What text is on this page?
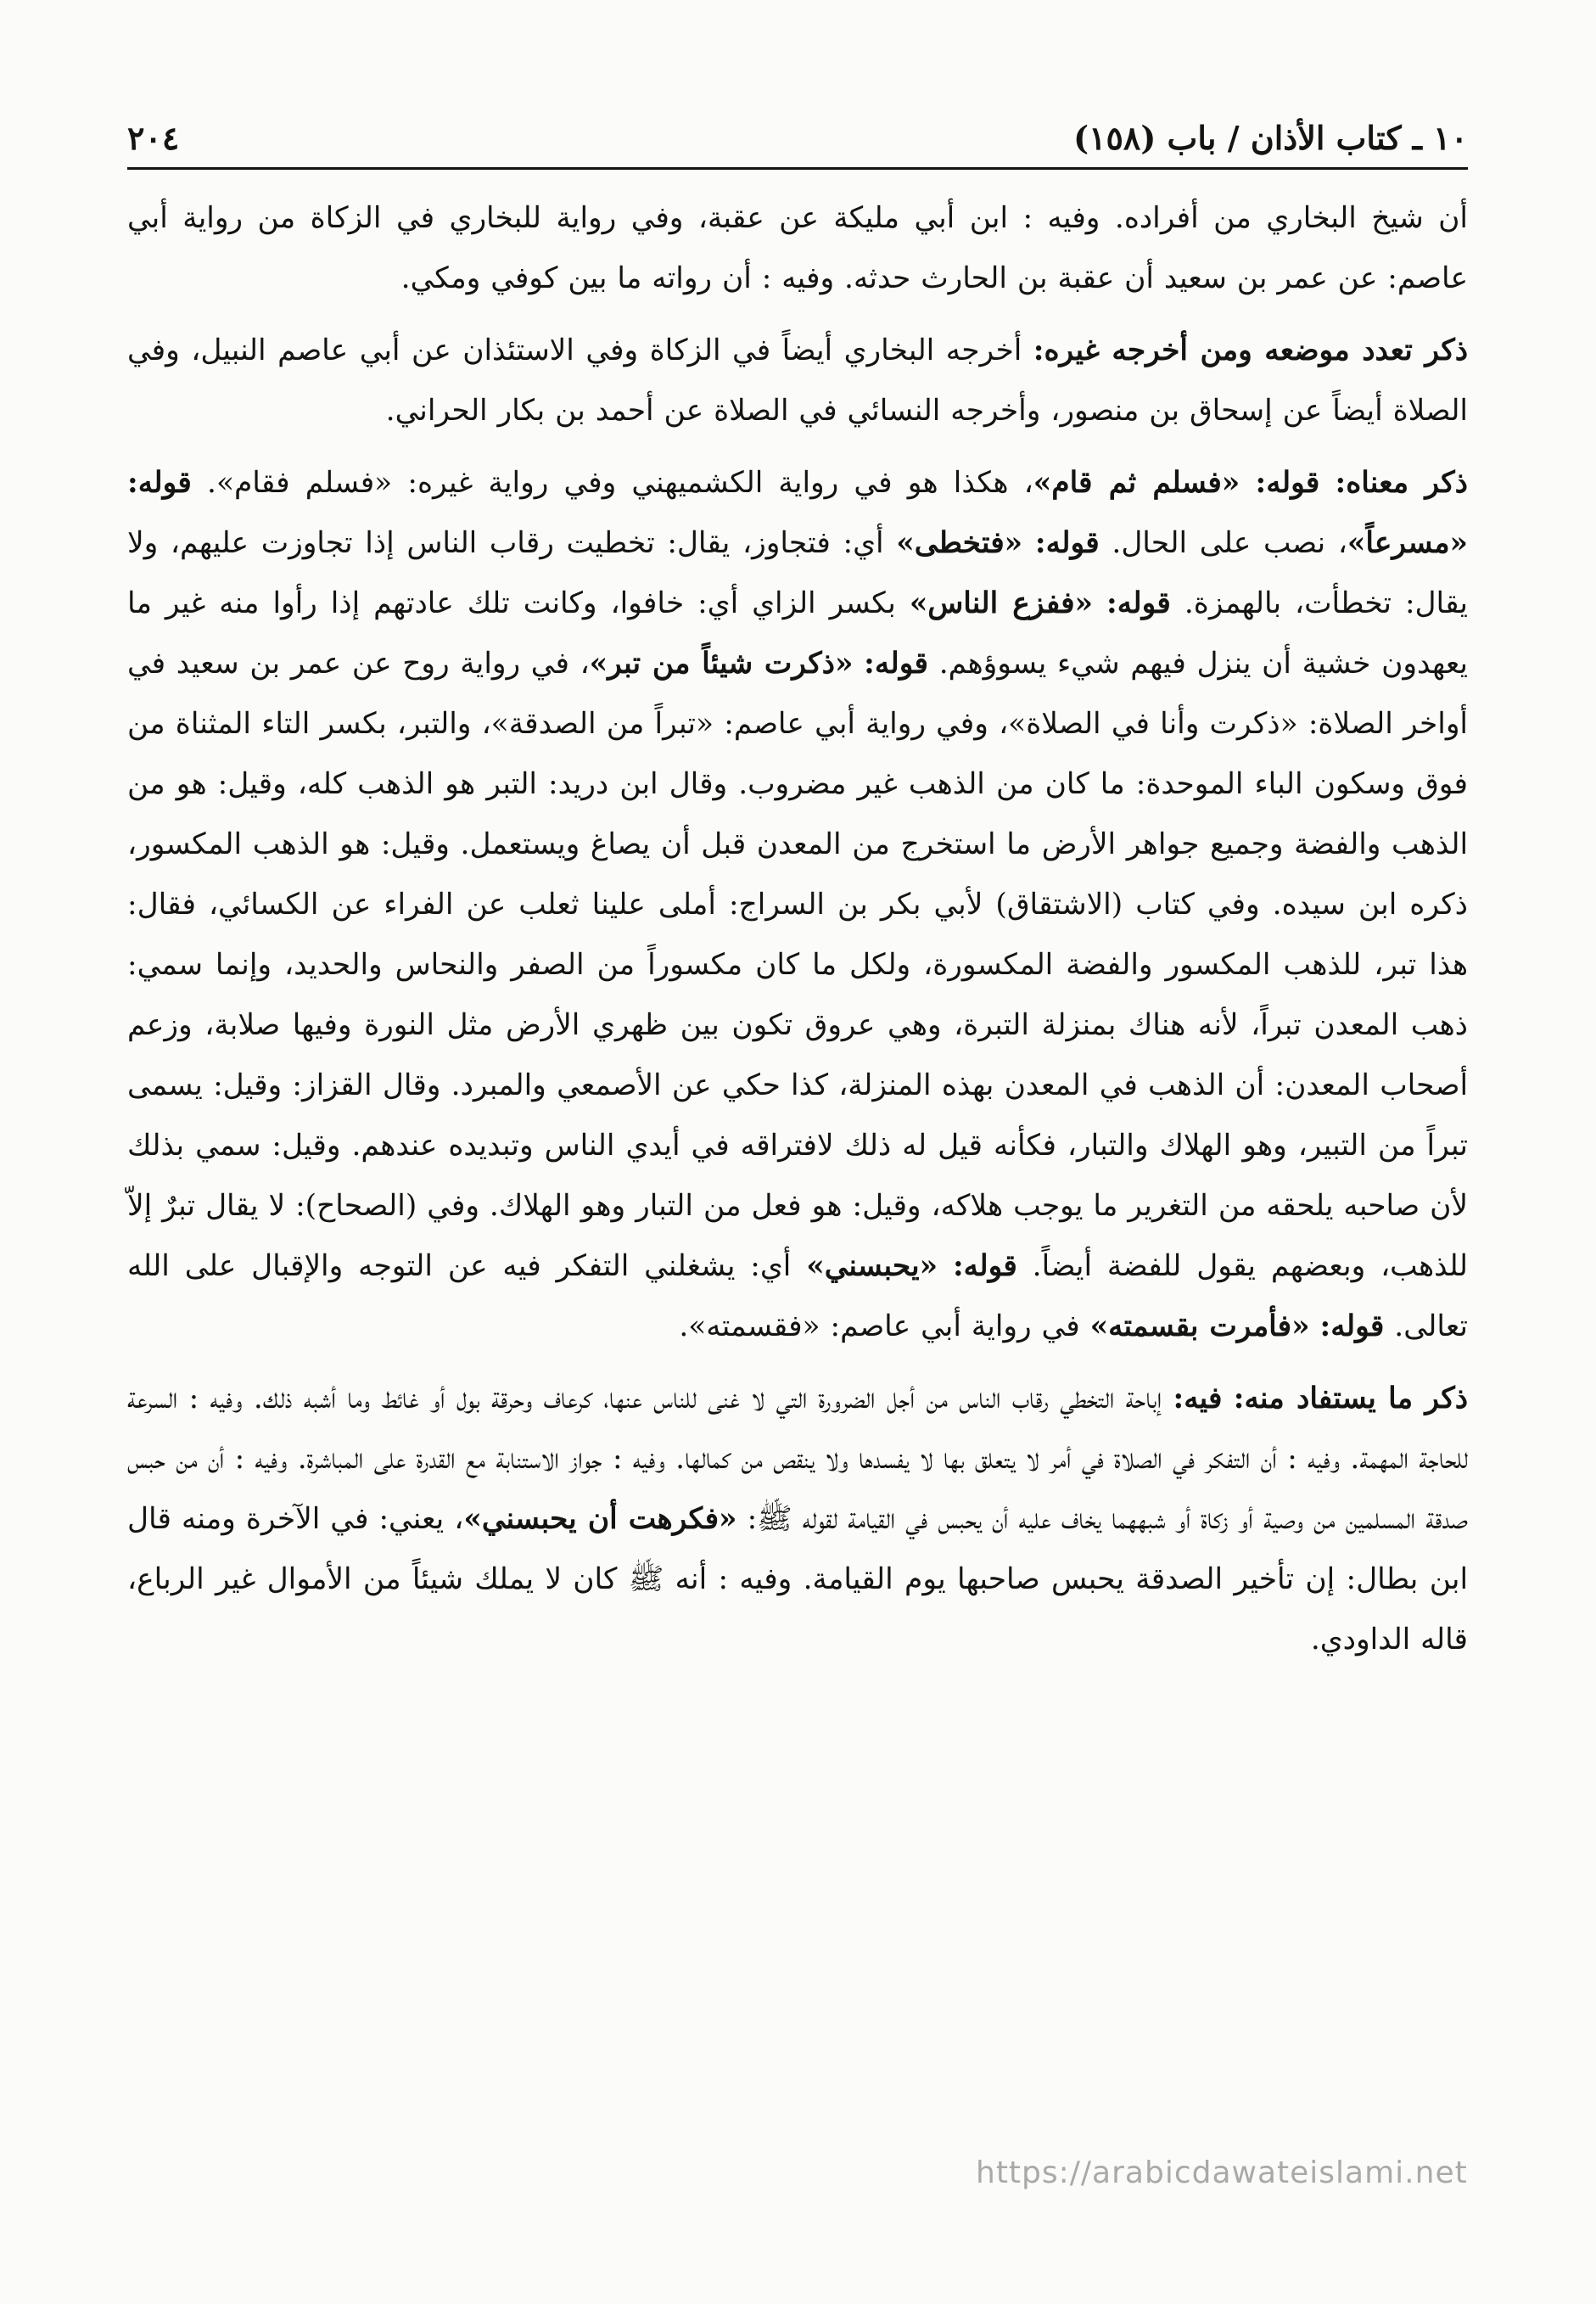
١٠ ـ كتاب الأذان / باب (١٥٨)
٢٠٤

أن شيخ البخاري من أفراده. وفيه : ابن أبي مليكة عن عقبة، وفي رواية للبخاري في الزكاة من رواية أبي عاصم: عن عمر بن سعيد أن عقبة بن الحارث حدثه. وفيه : أن رواته ما بين كوفي ومكي.

ذكر تعدد موضعه ومن أخرجه غيره: أخرجه البخاري أيضاً في الزكاة وفي الاستئذان عن أبي عاصم النبيل، وفي الصلاة أيضاً عن إسحاق بن منصور، وأخرجه النسائي في الصلاة عن أحمد بن بكار الحراني.

ذكر معناه: قوله: «فسلم ثم قام»، هكذا هو في رواية الكشميهني وفي رواية غيره: «فسلم فقام». قوله: «مسرعاً»، نصب على الحال. قوله: «فتخطى» أي: فتجاوز، يقال: تخطيت رقاب الناس إذا تجاوزت عليهم، ولا يقال: تخطأت، بالهمزة. قوله: «ففزع الناس» بكسر الزاي أي: خافوا، وكانت تلك عادتهم إذا رأوا منه غير ما يعهدون خشية أن ينزل فيهم شيء يسوؤهم. قوله: «ذكرت شيئاً من تبر»، في رواية روح عن عمر بن سعيد في أواخر الصلاة: «ذكرت وأنا في الصلاة»، وفي رواية أبي عاصم: «تبراً من الصدقة»، والتبر، بكسر التاء المثناة من فوق وسكون الباء الموحدة: ما كان من الذهب غير مضروب. وقال ابن دريد: التبر هو الذهب كله، وقيل: هو من الذهب والفضة وجميع جواهر الأرض ما استخرج من المعدن قبل أن يصاغ ويستعمل. وقيل: هو الذهب المكسور، ذكره ابن سيده. وفي كتاب (الاشتقاق) لأبي بكر بن السراج: أملى علينا ثعلب عن الفراء عن الكسائي، فقال: هذا تبر، للذهب المكسور والفضة المكسورة، ولكل ما كان مكسوراً من الصفر والنحاس والحديد، وإنما سمي: ذهب المعدن تبراً، لأنه هناك بمنزلة التبرة، وهي عروق تكون بين ظهري الأرض مثل النورة وفيها صلابة، وزعم أصحاب المعدن: أن الذهب في المعدن بهذه المنزلة، كذا حكي عن الأصمعي والمبرد. وقال القزاز: وقيل: يسمى تبراً من التبير، وهو الهلاك والتبار، فكأنه قيل له ذلك لافتراقه في أيدي الناس وتبديده عندهم. وقيل: سمي بذلك لأن صاحبه يلحقه من التغرير ما يوجب هلاكه، وقيل: هو فعل من التبار وهو الهلاك. وفي (الصحاح): لا يقال تبرٌ إلاّ للذهب، وبعضهم يقول للفضة أيضاً. قوله: «يحبسني» أي: يشغلني التفكر فيه عن التوجه والإقبال على الله تعالى. قوله: «فأمرت بقسمته» في رواية أبي عاصم: «فقسمته».

ذكر ما يستفاد منه: فيه: إباحة التخطي رقاب الناس من أجل الضرورة التي لا غنى للناس عنها، كرعاف وحرقة بول أو غائط وما أشبه ذلك. وفيه : السرعة للحاجة المهمة. وفيه : أن التفكر في الصلاة في أمر لا يتعلق بها لا يفسدها ولا ينقص من كمالها. وفيه : جواز الاستنابة مع القدرة على المباشرة. وفيه : أن من حبس صدقة المسلمين من وصية أو زكاة أو شبههما يخاف عليه أن يحبس في القيامة لقوله ﷺ: «فكرهت أن يحبسني»، يعني: في الآخرة ومنه قال ابن بطال: إن تأخير الصدقة يحبس صاحبها يوم القيامة. وفيه : أنه ﷺ كان لا يملك شيئاً من الأموال غير الرباع، قاله الداودي.

https://arabicdawateislami.net
